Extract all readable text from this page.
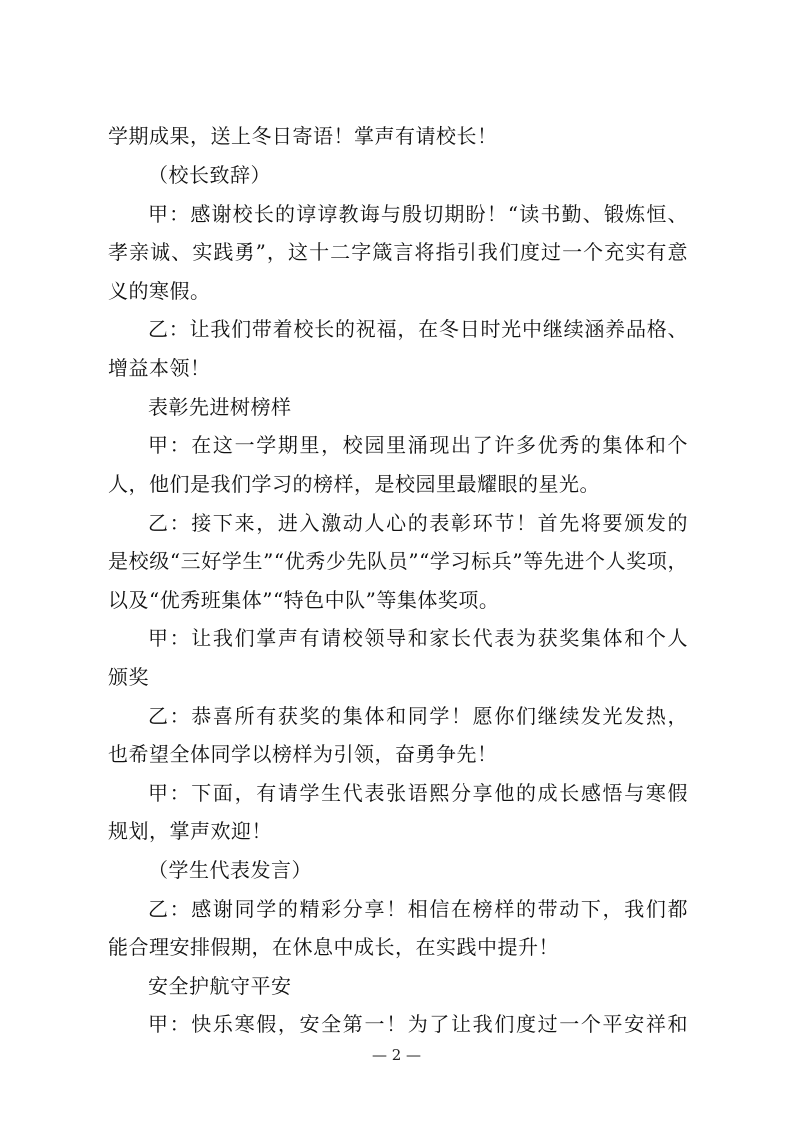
学期成果，送上冬日寄语！掌声有请校长！
（校长致辞）
甲：感谢校长的谆谆教诲与殷切期盼！“读书勤、锻炼恒、
孝亲诚、实践勇”，这十二字箴言将指引我们度过一个充实有意
义的寒假。
乙：让我们带着校长的祝福，在冬日时光中继续涵养品格、
增益本领！
表彰先进树榜样
甲：在这一学期里，校园里涌现出了许多优秀的集体和个
人，他们是我们学习的榜样，是校园里最耀眼的星光。
乙：接下来，进入激动人心的表彰环节！首先将要颁发的
是校级“三好学生”“优秀少先队员”“学习标兵”等先进个人奖项，
以及“优秀班集体”“特色中队”等集体奖项。
甲：让我们掌声有请校领导和家长代表为获奖集体和个人
颁奖
乙：恭喜所有获奖的集体和同学！愿你们继续发光发热，
也希望全体同学以榜样为引领，奋勇争先！
甲：下面，有请学生代表张语熙分享他的成长感悟与寒假
规划，掌声欢迎！
（学生代表发言）
乙：感谢同学的精彩分享！相信在榜样的带动下，我们都
能合理安排假期，在休息中成长，在实践中提升！
安全护航守平安
甲：快乐寒假，安全第一！为了让我们度过一个平安祥和
— 2 —
